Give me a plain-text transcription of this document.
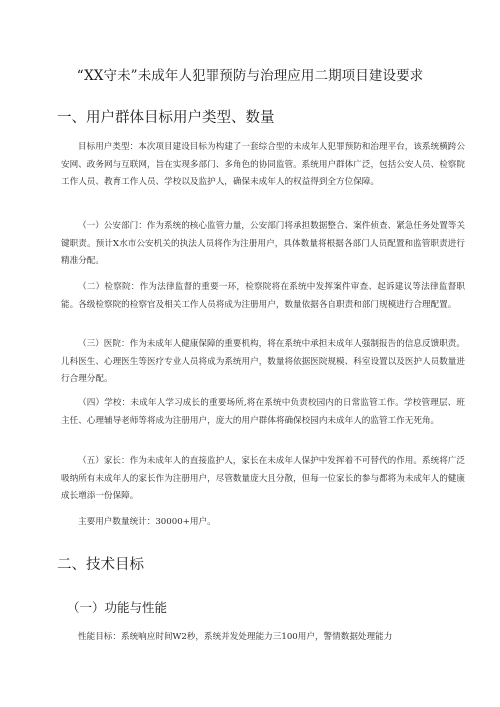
“XX守未”未成年人犯罪预防与治理应用二期项目建设要求
一、用户群体目标用户类型、数量
目标用户类型：本次项目建设目标为构建了一套综合型的未成年人犯罪预防和治理平台，该系统横跨公安网、政务网与互联网，旨在实现多部门、多角色的协同监管。系统用户群体广泛，包括公安人员、检察院工作人员、教育工作人员、学校以及监护人，确保未成年人的权益得到全方位保障。
（一）公安部门：作为系统的核心监管力量，公安部门将承担数据整合、案件侦查、紧急任务处置等关键职责。预计X水市公安机关的执法人员将作为注册用户，具体数量将根据各部门人员配置和监管职责进行精准分配。
（二）检察院：作为法律监督的重要一环，检察院将在系统中发挥案件审查、起诉建议等法律监督职能。各级检察院的检察官及相关工作人员将成为注册用户，数量依据各自职责和部门规模进行合理配置。
（三）医院：作为未成年人健康保障的重要机构，将在系统中承担未成年人强制报告的信息反馈职责。儿科医生、心理医生等医疗专业人员将成为系统用户，数量将依据医院规模、科室设置以及医护人员数量进行合理分配。
（四）学校：未成年人学习成长的重要场所,将在系统中负责校园内的日常监管工作。学校管理层、班主任、心理辅导老师等将成为注册用户，庞大的用户群体将确保校园内未成年人的监管工作无死角。
（五）家长：作为未成年人的直接监护人，家长在未成年人保护中发挥着不可替代的作用。系统将广泛吸纳所有未成年人的家长作为注册用户，尽管数量庞大且分散，但每一位家长的参与都将为未成年人的健康成长增添一份保障。
主要用户数量统计：30000+用户。
二、技术目标
（一）功能与性能
性能目标：系统响应时间W2秒，系统并发处理能力三100用户，警情数据处理能力
